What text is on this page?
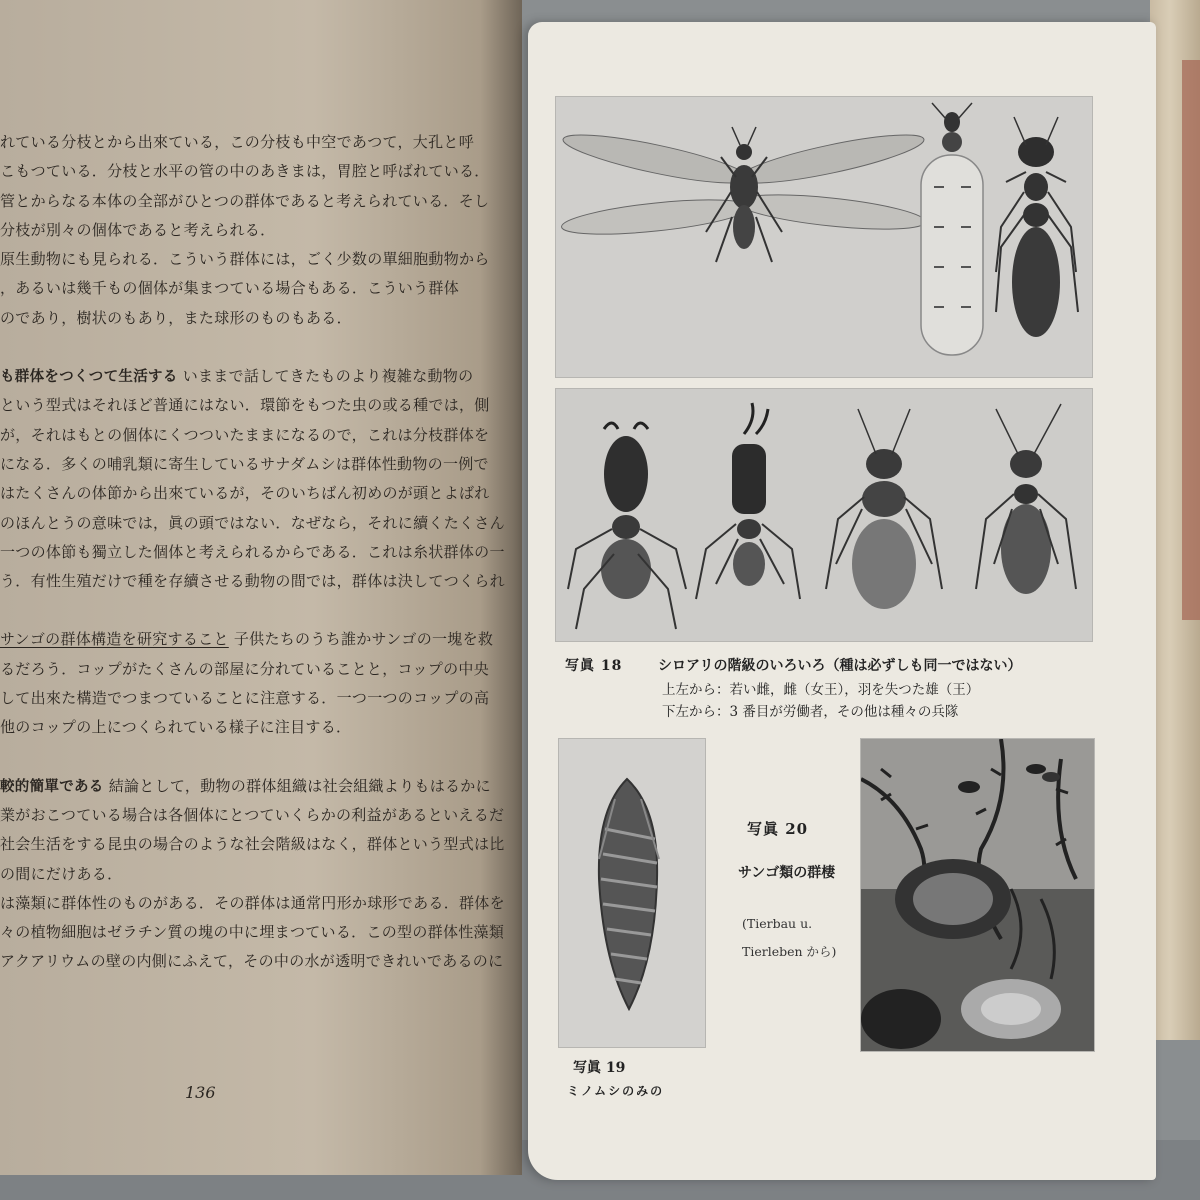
れている分枝とから出來ている，この分枝も中空であつて，大孔と呼
こもつている．分枝と水平の管の中のあきまは，胃腔と呼ばれている．
管とからなる本体の全部がひとつの群体であると考えられている．そし
分枝が別々の個体であると考えられる．
原生動物にも見られる．こういう群体には，ごく少数の單細胞動物から
，あるいは幾千もの個体が集まつている場合もある．こういう群体
のであり，樹状のもあり，また球形のものもある．
も群体をつくつて生活する いままで話してきたものより複雑な動物の
という型式はそれほど普通にはない．環節をもつた虫の或る種では，側
が，それはもとの個体にくつついたままになるので，これは分枝群体を
になる．多くの哺乳類に寄生しているサナダムシは群体性動物の一例で
はたくさんの体節から出來ているが，そのいちばん初めのが頭とよばれ
のほんとうの意味では，眞の頭ではない．なぜなら，それに續くたくさん
一つの体節も獨立した個体と考えられるからである．これは糸状群体の一
う．有性生殖だけで種を存續させる動物の間では，群体は決してつくられ
サンゴの群体構造を研究すること 子供たちのうち誰かサンゴの一塊を救
るだろう．コップがたくさんの部屋に分れていることと，コップの中央
して出來た構造でつまつていることに注意する．一つ一つのコップの高
他のコップの上につくられている樣子に注目する．
較的簡單である 結論として，動物の群体組織は社会組織よりもはるかに
業がおこつている場合は各個体にとつていくらかの利益があるといえるだ
社会生活をする昆虫の場合のような社会階級はなく，群体という型式は比
の間にだけある．
は藻類に群体性のものがある．その群体は通常円形か球形である．群体を
々の植物細胞はゼラチン質の塊の中に埋まつている．この型の群体性藻類
アクアリウムの壁の内側にふえて，その中の水が透明できれいであるのに
136
写眞 18	シロアリの階級のいろいろ（種は必ずしも同一ではない）
上左から：若い雌，雌（女王），羽を失つた雄（王）
下左から：3 番目が労働者，その他は種々の兵隊
写眞 20
サンゴ類の群棲
(Tierbau u.
Tierleben から)
写眞 19
ミノムシのみの
